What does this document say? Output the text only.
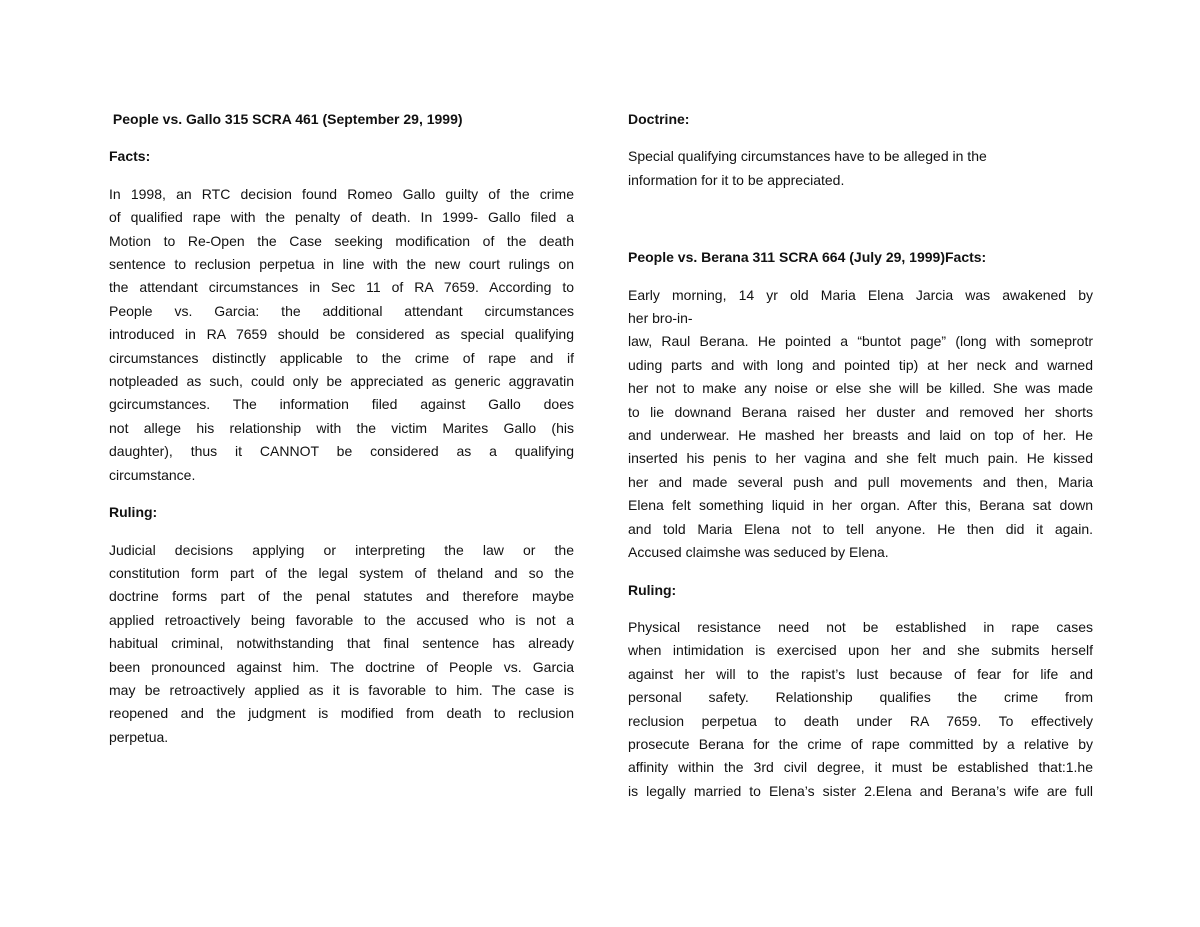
People vs. Gallo 315 SCRA 461 (September 29, 1999)

Facts:

In 1998, an RTC decision found Romeo Gallo guilty of the crime
of qualified rape with the penalty of death. In 1999- Gallo filed a
Motion to Re-Open the Case seeking modification of the death
sentence to reclusion perpetua in line with the new court rulings on
the attendant circumstances in Sec 11 of RA 7659. According to
People vs. Garcia: the additional attendant circumstances
introduced in RA 7659 should be considered as special qualifying
circumstances distinctly applicable to the crime of rape and if
notpleaded as such, could only be appreciated as generic aggravatin
gcircumstances. The information filed against Gallo does
not allege his relationship with the victim Marites Gallo (his
daughter), thus it CANNOT be considered as a qualifying
circumstance.

Ruling:

Judicial decisions applying or interpreting the law or the
constitution form part of the legal system of theland and so the
doctrine forms part of the penal statutes and therefore maybe
applied retroactively being favorable to the accused who is not a
habitual criminal, notwithstanding that final sentence has already
been pronounced against him. The doctrine of People vs. Garcia
may be retroactively applied as it is favorable to him. The case is
reopened and the judgment is modified from death to reclusion
perpetua.

Doctrine:

Special qualifying circumstances have to be alleged in the
information for it to be appreciated.

People vs. Berana 311 SCRA 664 (July 29, 1999)Facts:

Early morning, 14 yr old Maria Elena Jarcia was awakened by
her bro-in-
law, Raul Berana. He pointed a “buntot page” (long with someprotr
uding parts and with long and pointed tip) at her neck and warned
her not to make any noise or else she will be killed. She was made
to lie downand Berana raised her duster and removed her shorts
and underwear. He mashed her breasts and laid on top of her. He
inserted his penis to her vagina and she felt much pain. He kissed
her and made several push and pull movements and then, Maria
Elena felt something liquid in her organ. After this, Berana sat down
and told Maria Elena not to tell anyone. He then did it again.
Accused claimshe was seduced by Elena.

Ruling:

Physical resistance need not be established in rape cases
when intimidation is exercised upon her and she submits herself
against her will to the rapist’s lust because of fear for life and
personal safety. Relationship qualifies the crime from
reclusion perpetua to death under RA 7659. To effectively
prosecute Berana for the crime of rape committed by a relative by
affinity within the 3rd civil degree, it must be established that:1.he
is legally married to Elena’s sister 2.Elena and Berana’s wife are full
